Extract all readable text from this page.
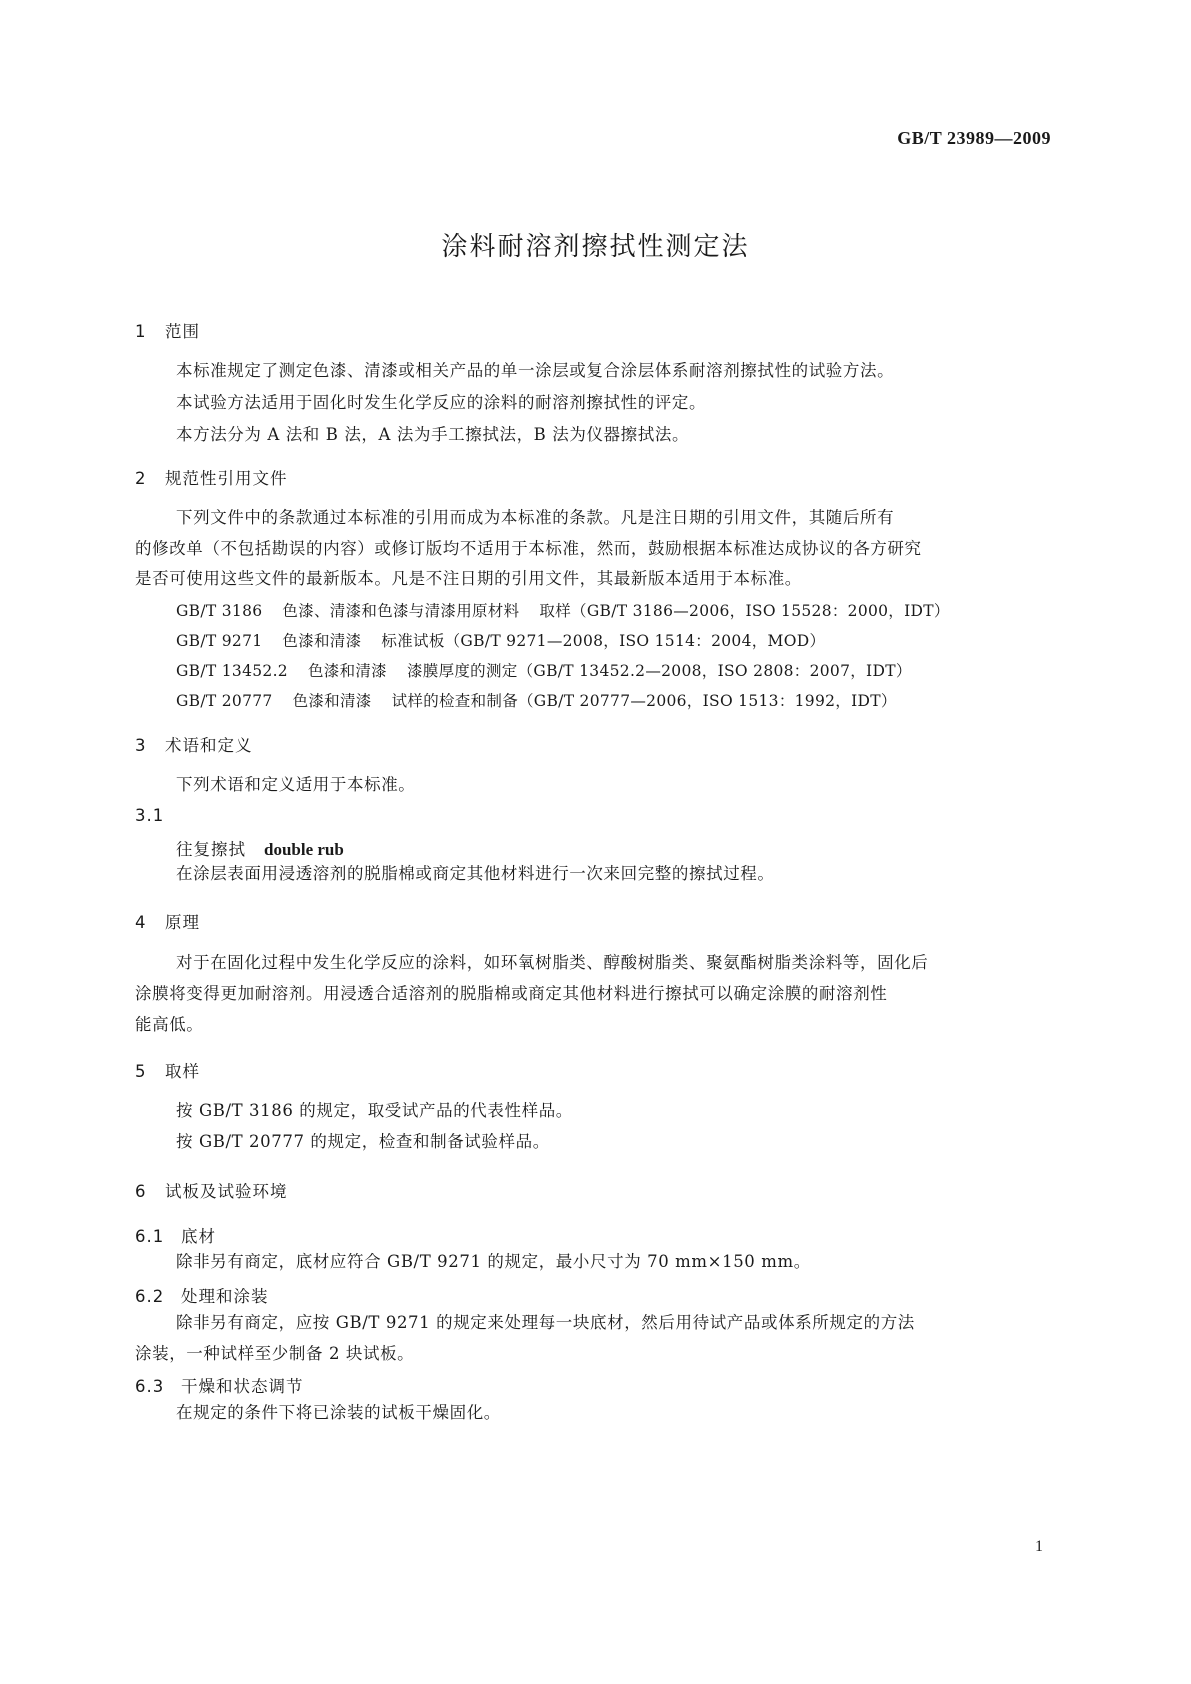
GB/T 23989—2009
涂料耐溶剂擦拭性测定法
1 范围
本标准规定了测定色漆、清漆或相关产品的单一涂层或复合涂层体系耐溶剂擦拭性的试验方法。
本试验方法适用于固化时发生化学反应的涂料的耐溶剂擦拭性的评定。
本方法分为 A 法和 B 法，A 法为手工擦拭法，B 法为仪器擦拭法。
2 规范性引用文件
下列文件中的条款通过本标准的引用而成为本标准的条款。凡是注日期的引用文件，其随后所有
的修改单（不包括勘误的内容）或修订版均不适用于本标准，然而，鼓励根据本标准达成协议的各方研究
是否可使用这些文件的最新版本。凡是不注日期的引用文件，其最新版本适用于本标准。
GB/T 3186 色漆、清漆和色漆与清漆用原材料 取样（GB/T 3186—2006，ISO 15528：2000，IDT）
GB/T 9271 色漆和清漆 标准试板（GB/T 9271—2008，ISO 1514：2004，MOD）
GB/T 13452.2 色漆和清漆 漆膜厚度的测定（GB/T 13452.2—2008，ISO 2808：2007，IDT）
GB/T 20777 色漆和清漆 试样的检查和制备（GB/T 20777—2006，ISO 1513：1992，IDT）
3 术语和定义
下列术语和定义适用于本标准。
3.1
往复擦拭 double rub
在涂层表面用浸透溶剂的脱脂棉或商定其他材料进行一次来回完整的擦拭过程。
4 原理
对于在固化过程中发生化学反应的涂料，如环氧树脂类、醇酸树脂类、聚氨酯树脂类涂料等，固化后
涂膜将变得更加耐溶剂。用浸透合适溶剂的脱脂棉或商定其他材料进行擦拭可以确定涂膜的耐溶剂性
能高低。
5 取样
按 GB/T 3186 的规定，取受试产品的代表性样品。
按 GB/T 20777 的规定，检查和制备试验样品。
6 试板及试验环境
6.1 底材
除非另有商定，底材应符合 GB/T 9271 的规定，最小尺寸为 70 mm×150 mm。
6.2 处理和涂装
除非另有商定，应按 GB/T 9271 的规定来处理每一块底材，然后用待试产品或体系所规定的方法
涂装，一种试样至少制备 2 块试板。
6.3 干燥和状态调节
在规定的条件下将已涂装的试板干燥固化。
1
